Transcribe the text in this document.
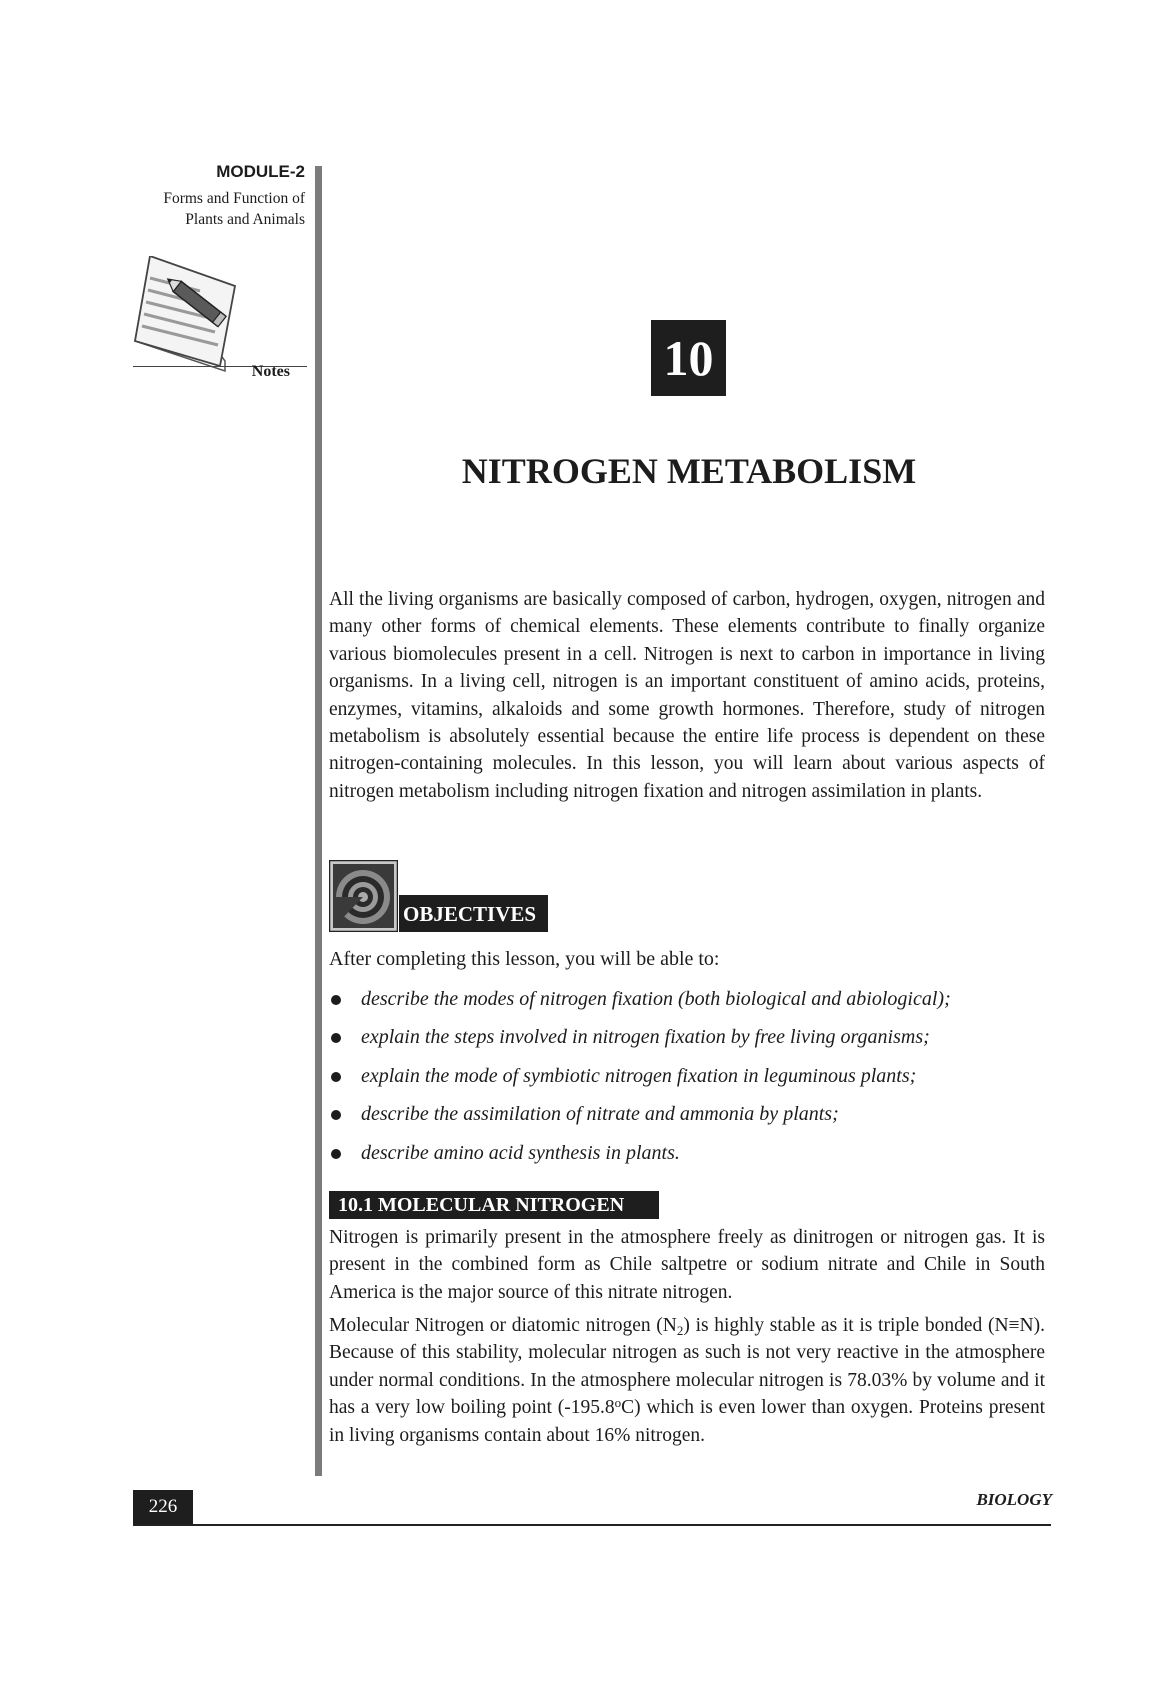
MODULE-2
Forms and Function of
Plants and Animals
Notes	10
NITROGEN METABOLISM
All the living organisms are basically composed of carbon, hydrogen, oxygen, nitrogen and many other forms of chemical elements. These elements contribute to finally organize various biomolecules present in a cell. Nitrogen is next to carbon in importance in living organisms. In a living cell, nitrogen is an important constituent of amino acids, proteins, enzymes, vitamins, alkaloids and some growth hormones. Therefore, study of nitrogen metabolism is absolutely essential because the entire life process is dependent on these nitrogen-containing molecules. In this lesson, you will learn about various aspects of nitrogen metabolism including nitrogen fixation and nitrogen assimilation in plants.
OBJECTIVES
After completing this lesson, you will be able to:
describe the modes of nitrogen fixation (both biological and abiological);
explain the steps involved in nitrogen fixation by free living organisms;
explain the mode of symbiotic nitrogen fixation in leguminous plants;
describe the assimilation of nitrate and ammonia by plants;
describe amino acid synthesis in plants.
10.1 MOLECULAR NITROGEN
Nitrogen is primarily present in the atmosphere freely as dinitrogen or nitrogen gas. It is present in the combined form as Chile saltpetre or sodium nitrate and Chile in South America is the major source of this nitrate nitrogen.
Molecular Nitrogen or diatomic nitrogen $(N_2)$ is highly stable as it is triple bonded (N≡N). Because of this stability, molecular nitrogen as such is not very reactive in the atmosphere under normal conditions. In the atmosphere molecular nitrogen is 78.03% by volume and it has a very low boiling point (-195.8$^o$C) which is even lower than oxygen. Proteins present in living organisms contain about 16% nitrogen.
226	BIOLOGY
